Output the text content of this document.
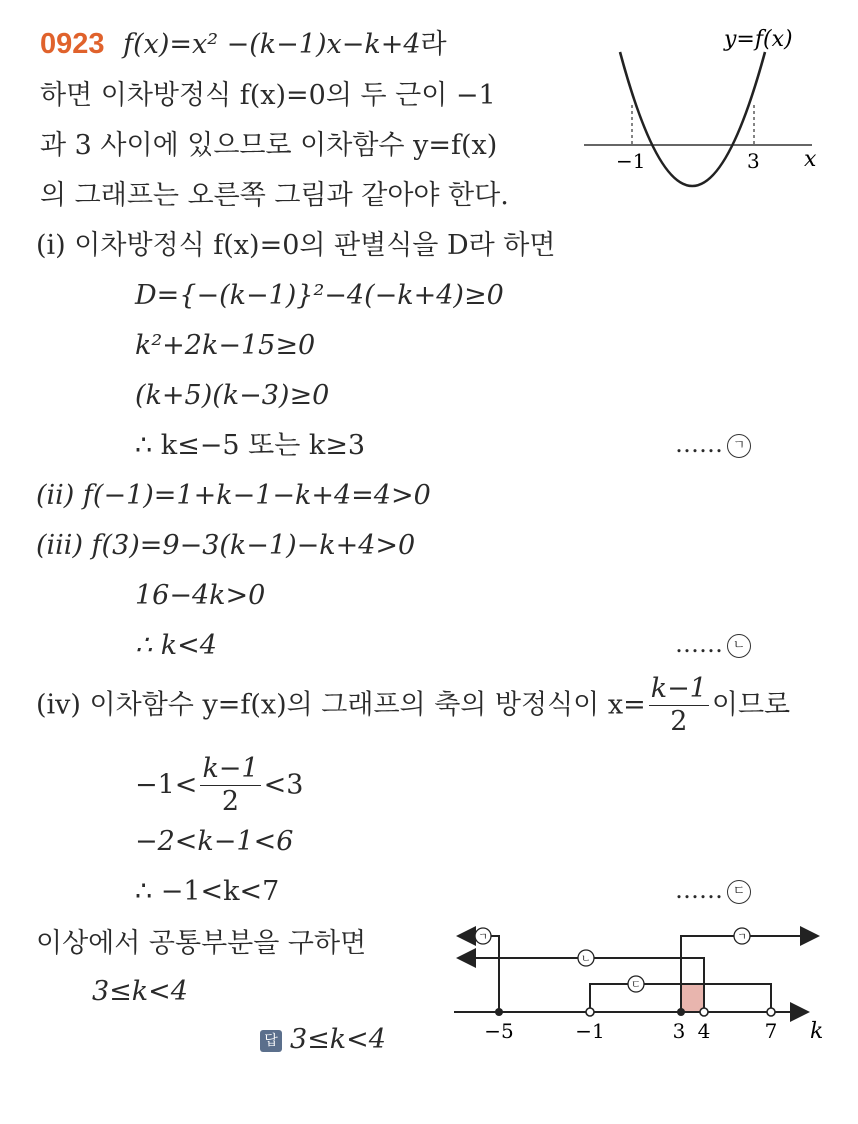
0923 f(x)=x² −(k−1)x−k+4라
하면 이차방정식 f(x)=0의 두 근이 −1
과 3 사이에 있으므로 이차함수 y=f(x)
의 그래프는 오른쪽 그림과 같아야 한다.
y=f(x)
x
−1	3
(i) 이차방정식 f(x)=0의 판별식을 D라 하면
D={−(k−1)}²−4(−k+4)≥0
k²+2k−15≥0
(k+5)(k−3)≥0
∴ k≤−5 또는 k≥3	…… ㄱ
(ii) f(−1)=1+k−1−k+4=4>0
(iii) f(3)=9−3(k−1)−k+4>0
16−4k>0
∴ k<4	…… ㄴ
(iv) 이차함수 y=f(x)의 그래프의 축의 방정식이 $x= \frac{k-1}{2}$ 이므로
$-1< \frac{k-1}{2} <3$
−2<k−1<6
∴ −1<k<7	…… ㄷ
이상에서 공통부분을 구하면
3≤k<4
답 3≤k<4
ㄱ
ㄴ
ㄷ
ㄱ
−5	−1	3 4	7 k
